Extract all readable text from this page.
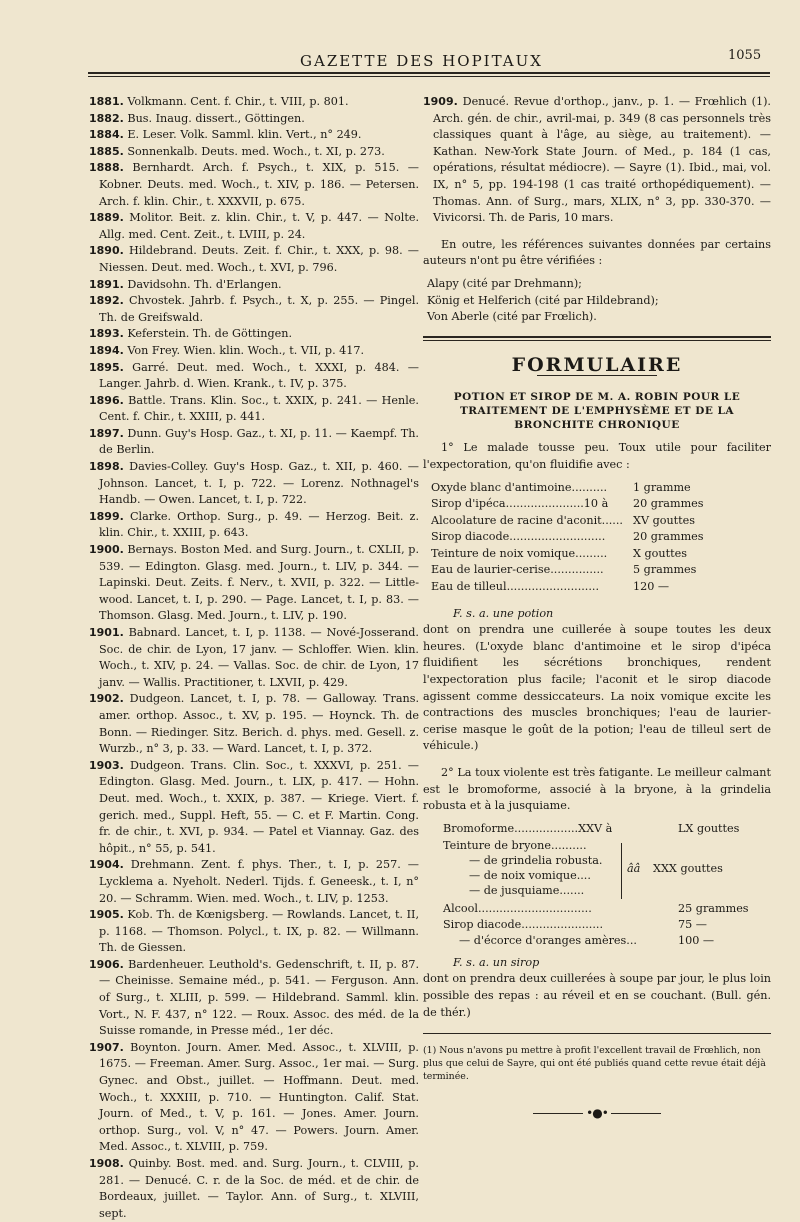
GAZETTE DES HOPITAUX	1055

1881. Volkmann. Cent. f. Chir., t. VIII, p. 801.

1882. Bus. Inaug. dissert., Göttingen.

1884. E. Leser. Volk. Samml. klin. Vert., n° 249.

1885. Sonnenkalb. Deuts. med. Woch., t. XI, p. 273.

1888. Bernhardt. Arch. f. Psych., t. XIX, p. 515. — Kobner. Deuts. med. Woch., t. XIV, p. 186. — Petersen. Arch. f. klin. Chir., t. XXXVII, p. 675.

1889. Molitor. Beit. z. klin. Chir., t. V, p. 447. — Nolte. Allg. med. Cent. Zeit., t. LVIII, p. 24.

1890. Hildebrand. Deuts. Zeit. f. Chir., t. XXX, p. 98. — Niessen. Deut. med. Woch., t. XVI, p. 796.

1891. Davidsohn. Th. d'Erlangen.

1892. Chvostek. Jahrb. f. Psych., t. X, p. 255. — Pingel. Th. de Greifswald.

1893. Keferstein. Th. de Göttingen.

1894. Von Frey. Wien. klin. Woch., t. VII, p. 417.

1895. Garré. Deut. med. Woch., t. XXXI, p. 484. — Langer. Jahrb. d. Wien. Krank., t. IV, p. 375.

1896. Battle. Trans. Klin. Soc., t. XXIX, p. 241. — Henle. Cent. f. Chir., t. XXIII, p. 441.

1897. Dunn. Guy's Hosp. Gaz., t. XI, p. 11. — Kaempf. Th. de Berlin.

1898. Davies-Colley. Guy's Hosp. Gaz., t. XII, p. 460. — Johnson. Lancet, t. I, p. 722. — Lorenz. Nothnagel's Handb. — Owen. Lancet, t. I, p. 722.

1899. Clarke. Orthop. Surg., p. 49. — Herzog. Beit. z. klin. Chir., t. XXIII, p. 643.

1900. Bernays. Boston Med. and Surg. Journ., t. CXLII, p. 539. — Edington. Glasg. med. Journ., t. LIV, p. 344. — Lapinski. Deut. Zeits. f. Nerv., t. XVII, p. 322. — Little-wood. Lancet, t. I, p. 290. — Page. Lancet, t. I, p. 83. — Thomson. Glasg. Med. Journ., t. LIV, p. 190.

1901. Babnard. Lancet, t. I, p. 1138. — Nové-Josserand. Soc. de chir. de Lyon, 17 janv. — Schloffer. Wien. klin. Woch., t. XIV, p. 24. — Vallas. Soc. de chir. de Lyon, 17 janv. — Wallis. Practitioner, t. LXVII, p. 429.

1902. Dudgeon. Lancet, t. I, p. 78. — Galloway. Trans. amer. orthop. Assoc., t. XV, p. 195. — Hoynck. Th. de Bonn. — Riedinger. Sitz. Berich. d. phys. med. Gesell. z. Wurzb., n° 3, p. 33. — Ward. Lancet, t. I, p. 372.

1903. Dudgeon. Trans. Clin. Soc., t. XXXVI, p. 251. — Edington. Glasg. Med. Journ., t. LIX, p. 417. — Hohn. Deut. med. Woch., t. XXIX, p. 387. — Kriege. Viert. f. gerich. med., Suppl. Heft, 55. — C. et F. Martin. Cong. fr. de chir., t. XVI, p. 934. — Patel et Viannay. Gaz. des hôpit., n° 55, p. 541.

1904. Drehmann. Zent. f. phys. Ther., t. I, p. 257. — Lycklema a. Nyeholt. Nederl. Tijds. f. Geneesk., t. I, n° 20. — Schramm. Wien. med. Woch., t. LIV, p. 1253.

1905. Kob. Th. de Kœnigsberg. — Rowlands. Lancet, t. II, p. 1168. — Thomson. Polycl., t. IX, p. 82. — Willmann. Th. de Giessen.

1906. Bardenheuer. Leuthold's. Gedenschrift, t. II, p. 87. — Cheinisse. Semaine méd., p. 541. — Ferguson. Ann. of Surg., t. XLIII, p. 599. — Hildebrand. Samml. klin. Vort., N. F. 437, n° 122. — Roux. Assoc. des méd. de la Suisse romande, in Presse méd., 1er déc.

1907. Boynton. Journ. Amer. Med. Assoc., t. XLVIII, p. 1675. — Freeman. Amer. Surg. Assoc., 1er mai. — Surg. Gynec. and Obst., juillet. — Hoffmann. Deut. med. Woch., t. XXXIII, p. 710. — Huntington. Calif. Stat. Journ. of Med., t. V, p. 161. — Jones. Amer. Journ. orthop. Surg., vol. V, n° 47. — Powers. Journ. Amer. Med. Assoc., t. XLVIII, p. 759.

1908. Quinby. Bost. med. and. Surg. Journ., t. CLVIII, p. 281. — Denucé. C. r. de la Soc. de méd. et de chir. de Bordeaux, juillet. — Taylor. Ann. of Surg., t. XLVIII, sept.

1909. Denucé. Revue d'orthop., janv., p. 1. — Frœhlich (1). Arch. gén. de chir., avril-mai, p. 349 (8 cas personnels très classiques quant à l'âge, au siège, au traitement). — Kathan. New-York State Journ. of Med., p. 184 (1 cas, opérations, résultat médiocre). — Sayre (1). Ibid., mai, vol. IX, n° 5, pp. 194-198 (1 cas traité orthopédiquement). — Thomas. Ann. of Surg., mars, XLIX, n° 3, pp. 330-370. — Vivicorsi. Th. de Paris, 10 mars.

En outre, les références suivantes données par certains auteurs n'ont pu être vérifiées :

Alapy (cité par Drehmann);
König et Helferich (cité par Hildebrand);
Von Aberle (cité par Frœlich).
FORMULAIRE
POTION ET SIROP DE M. A. ROBIN POUR LE TRAITEMENT DE L'EMPHYSÈME ET DE LA BRONCHITE CHRONIQUE

1° Le malade tousse peu. Toux utile pour faciliter l'expectoration, qu'on fluidifie avec :

Oxyde blanc d'antimoine..........	1 gramme
Sirop d'ipéca......................10 à	20 grammes
Alcoolature de racine d'aconit......	XV gouttes
Sirop diacode...........................	20 grammes
Teinture de noix vomique.........	X gouttes
Eau de laurier-cerise...............	5 grammes
Eau de tilleul..........................	120 —
F. s. a. une potion

dont on prendra une cuillerée à soupe toutes les deux heures. (L'oxyde blanc d'antimoine et le sirop d'ipéca fluidifient les sécrétions bronchiques, rendent l'expectoration plus facile; l'aconit et le sirop diacode agissent comme dessiccateurs. La noix vomique excite les contractions des muscles bronchiques; l'eau de laurier-cerise masque le goût de la potion; l'eau de tilleul sert de véhicule.)

2° La toux violente est très fatigante. Le meilleur calmant est le bromoforme, associé à la bryone, à la grindelia robusta et à la jusquiame.

Bromoforme..................XXV à	LX gouttes
Teinture de bryone..........
— de grindelia robusta.
— de noix vomique....
— de jusquiame.......
ââ XXX gouttes
Alcool................................	25 grammes
Sirop diacode.......................	75 —
— d'écorce d'oranges amères...	100 —
F. s. a. un sirop

dont on prendra deux cuillerées à soupe par jour, le plus loin possible des repas : au réveil et en se couchant. (Bull. gén. de thér.)

(1) Nous n'avons pu mettre à profit l'excellent travail de Frœhlich, non plus que celui de Sayre, qui ont été publiés quand cette revue était déjà terminée.

•●•
